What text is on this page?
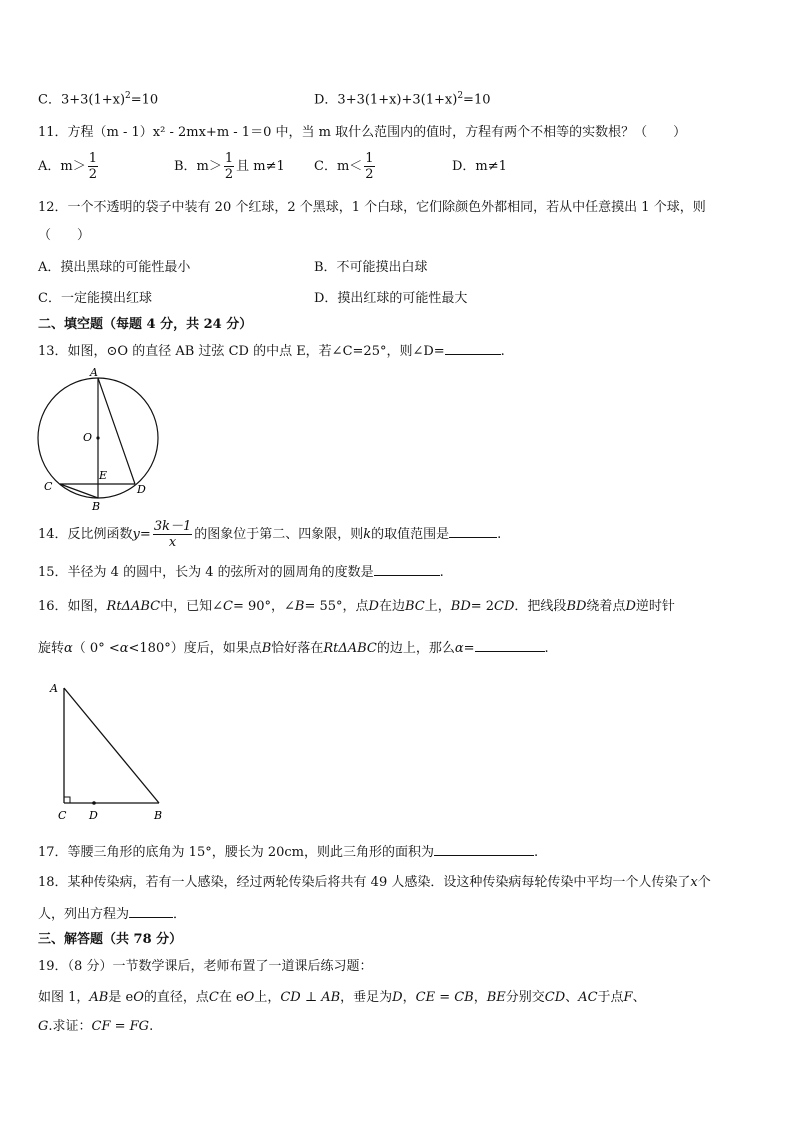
C．$3+3(1+x)^2=10$	D．$3+3(1+x)+3(1+x)^2=10$
11．方程（m - 1）x² - 2mx+m - 1＝0 中，当 m 取什么范围内的值时，方程有两个不相等的实数根？（　　）
A．$m> \frac{1}{2}$	B．$m> \frac{1}{2}$ 且 m≠1 C．$m< \frac{1}{2}$	D．m≠1
12．一个不透明的袋子中装有 20 个红球，2 个黑球，1 个白球，它们除颜色外都相同，若从中任意摸出 1 个球，则
（　　）
A．摸出黑球的可能性最小	B．不可能摸出白球
C．一定能摸出红球	D．摸出红球的可能性最大
二、填空题（每题 4 分，共 24 分）
13．如图，⊙O 的直径 AB 过弦 CD 的中点 E，若∠C=25°，则∠D=	.
A
O
E
C	D
B
14．反比例函数$y= \frac{3k-1}{x}$ 的图象位于第二、四象限，则k的取值范围是	.
15．半径为 4 的圆中，长为 4 的弦所对的圆周角的度数是	.
16．如图，RtΔABC中，已知∠C= 90°，∠B= 55°，点D在边BC上，BD= 2CD．把线段BD绕着点D逆时针
旋转α（ 0° <α<180°）度后，如果点B恰好落在RtΔABC的边上，那么α=	.
A
C D	B
17．等腰三角形的底角为 15°，腰长为 20cm，则此三角形的面积为	.
18．某种传染病，若有一人感染，经过两轮传染后将共有 49 人感染．设这种传染病每轮传染中平均一个人传染了x个
人，列出方程为	．
三、解答题（共 78 分）
19．（8 分）一节数学课后，老师布置了一道课后练习题：
如图 1，AB是 eO的直径，点C在 eO上，CD ⊥ AB，垂足为D，CE = CB，BE分别交CD、AC于点F、
G.求证：CF = FG.
